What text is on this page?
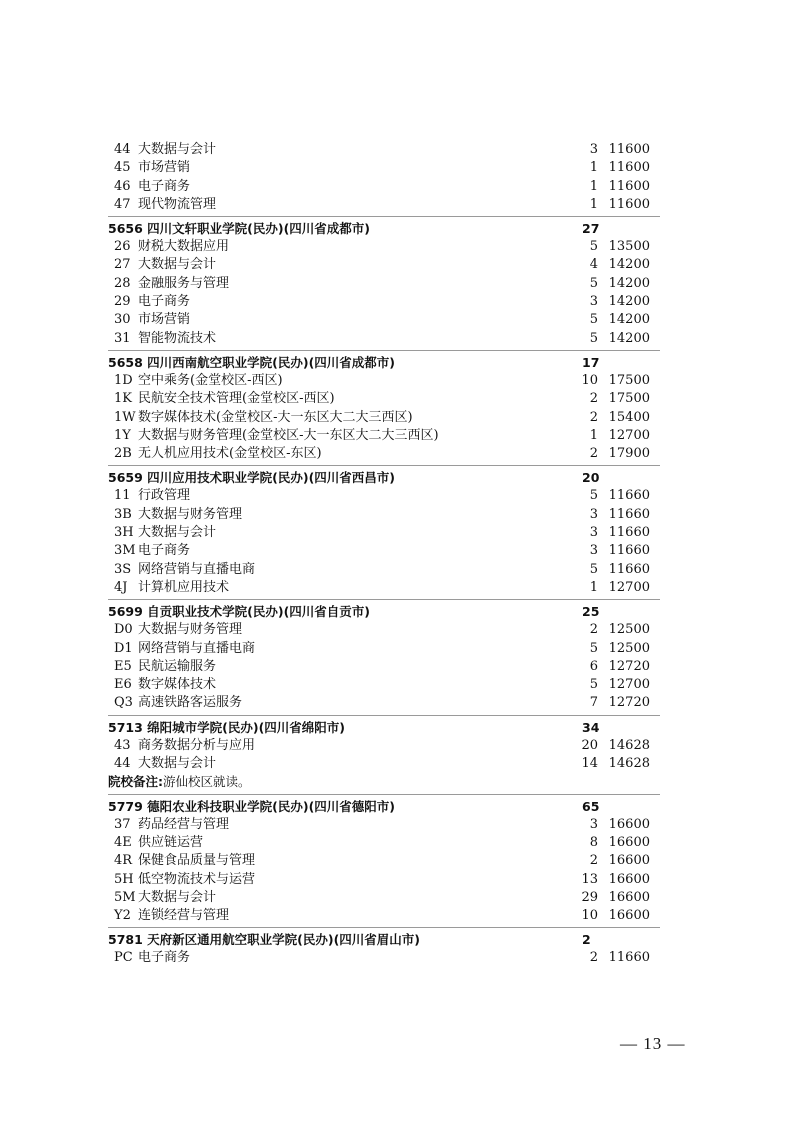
44 大数据与会计	3 11600
45 市场营销	1 11600
46 电子商务	1 11600
47 现代物流管理	1 11600
5656 四川文轩职业学院(民办)(四川省成都市)	27
26 财税大数据应用	5 13500
27 大数据与会计	4 14200
28 金融服务与管理	5 14200
29 电子商务	3 14200
30 市场营销	5 14200
31 智能物流技术	5 14200
5658 四川西南航空职业学院(民办)(四川省成都市)	17
1D 空中乘务(金堂校区-西区)	10 17500
1K 民航安全技术管理(金堂校区-西区)	2 17500
1W 数字媒体技术(金堂校区-大一东区大二大三西区)	2 15400
1Y 大数据与财务管理(金堂校区-大一东区大二大三西区)	1 12700
2B 无人机应用技术(金堂校区-东区)	2 17900
5659 四川应用技术职业学院(民办)(四川省西昌市)	20
11 行政管理	5 11660
3B 大数据与财务管理	3 11660
3H 大数据与会计	3 11660
3M 电子商务	3 11660
3S 网络营销与直播电商	5 11660
4J 计算机应用技术	1 12700
5699 自贡职业技术学院(民办)(四川省自贡市)	25
D0 大数据与财务管理	2 12500
D1 网络营销与直播电商	5 12500
E5 民航运输服务	6 12720
E6 数字媒体技术	5 12700
Q3 高速铁路客运服务	7 12720
5713 绵阳城市学院(民办)(四川省绵阳市)	34
43 商务数据分析与应用	20 14628
44 大数据与会计	14 14628
院校备注:游仙校区就读。
5779 德阳农业科技职业学院(民办)(四川省德阳市)	65
37 药品经营与管理	3 16600
4E 供应链运营	8 16600
4R 保健食品质量与管理	2 16600
5H 低空物流技术与运营	13 16600
5M 大数据与会计	29 16600
Y2 连锁经营与管理	10 16600
5781 天府新区通用航空职业学院(民办)(四川省眉山市)	2
PC 电子商务	2 11660
— 13 —
